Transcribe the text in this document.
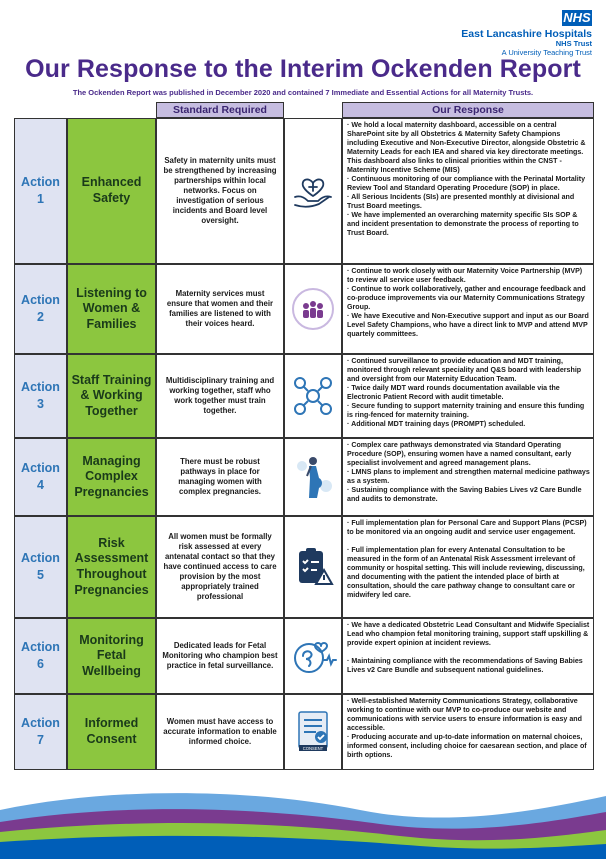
NHS
East Lancashire Hospitals
NHS Trust
A University Teaching Trust
Our Response to the Interim Ockenden Report
The Ockenden Report was published in December 2020 and contained 7 Immediate and Essential Actions for all Maternity Trusts.
Standard Required	Our Response
Action
1
Enhanced Safety
Safety in maternity units must be strengthened by increasing partnerships within local networks. Focus on investigation of serious incidents and Board level oversight.
· We hold a local maternity dashboard, accessible on a central SharePoint site by all Obstetrics & Maternity Safety Champions including Executive and Non-Executive Director, alongside Obstetric & Maternity Leads for each IEA and shared via key directorate meetings. This dashboard also links to clinical priorities within the CNST - Maternity Incentive Scheme (MIS)
· Continuous monitoring of our compliance with the Perinatal Mortality Review Tool and Standard Operating Procedure (SOP) in place.
· All Serious Incidents (SIs) are presented monthly at divisional and Trust Board meetings.
· We have implemented an overarching maternity specific SIs SOP & and incident presentation to demonstrate the process of reporting to Trust Board.
Action
2
Listening to Women & Families
Maternity services must ensure that women and their families are listened to with their voices heard.
· Continue to work closely with our Maternity Voice Partnership (MVP) to review all service user feedback.
· Continue to work collaboratively, gather and encourage feedback and co-produce improvements via our Maternity Communications Strategy Group.
· We have Executive and Non-Executive support and input as our Board Level Safety Champions, who have a direct link to MVP and attend MVP quartely committees.
Action
3
Staff Training & Working Together
Multidisciplinary training and working together, staff who work together must train together.
· Continued surveillance to provide education and MDT training, monitored through relevant speciality and Q&S board with leadership and oversight from our Maternity Education Team.
· Twice daily MDT ward rounds documentation available via the Electronic Patient Record with audit timetable.
· Secure funding to support maternity training and ensure this funding is ring-fenced for maternity training.
· Additional MDT training days (PROMPT) scheduled.
Action
4
Managing Complex Pregnancies
There must be robust pathways in place for managing women with complex pregnancies.
· Complex care pathways demonstrated via Standard Operating Procedure (SOP), ensuring women have a named consultant, early specialist involvement and agreed management plans.
· LMNS plans to implement and strengthen maternal medicine pathways as a system.
· Sustaining compliance with the Saving Babies Lives v2 Care Bundle and audits to demonstrate.
Action
5
Risk Assessment Throughout Pregnancies
All women must be formally risk assessed at every antenatal contact so that they have continued access to care provision by the most appropriately trained professional
· Full implementation plan for Personal Care and Support Plans (PCSP) to be monitored via an ongoing audit and service user engagement.
· Full implementation plan for every Antenatal Consultation to be measured in the form of an Antenatal Risk Assessment irrelevant of community or hospital setting. This will include reviewing, discussing, and documenting with the patient the intended place of birth at consultation, should the care pathway change to consultant care or midwifery led care.
Action
6
Monitoring Fetal Wellbeing
Dedicated leads for Fetal Monitoring who champion best practice in fetal surveillance.
· We have a dedicated Obstetric Lead Consultant and Midwife Specialist Lead who champion fetal monitoring training, support staff upskilling & provide expert opinion at incident reviews.
· Maintaining compliance with the recommendations of Saving Babies Lives v2 Care Bundle and subsequent national guidelines.
Action
7
Informed Consent
Women must have access to accurate information to enable informed choice.
CONSENT
· Well-established Maternity Communications Strategy, collaborative working to continue with our MVP to co-produce our website and communications with service users to ensure information is easy and accessible.
· Producing accurate and up-to-date information on maternal choices, informed consent, including choice for caesarean section, and place of birth options.
